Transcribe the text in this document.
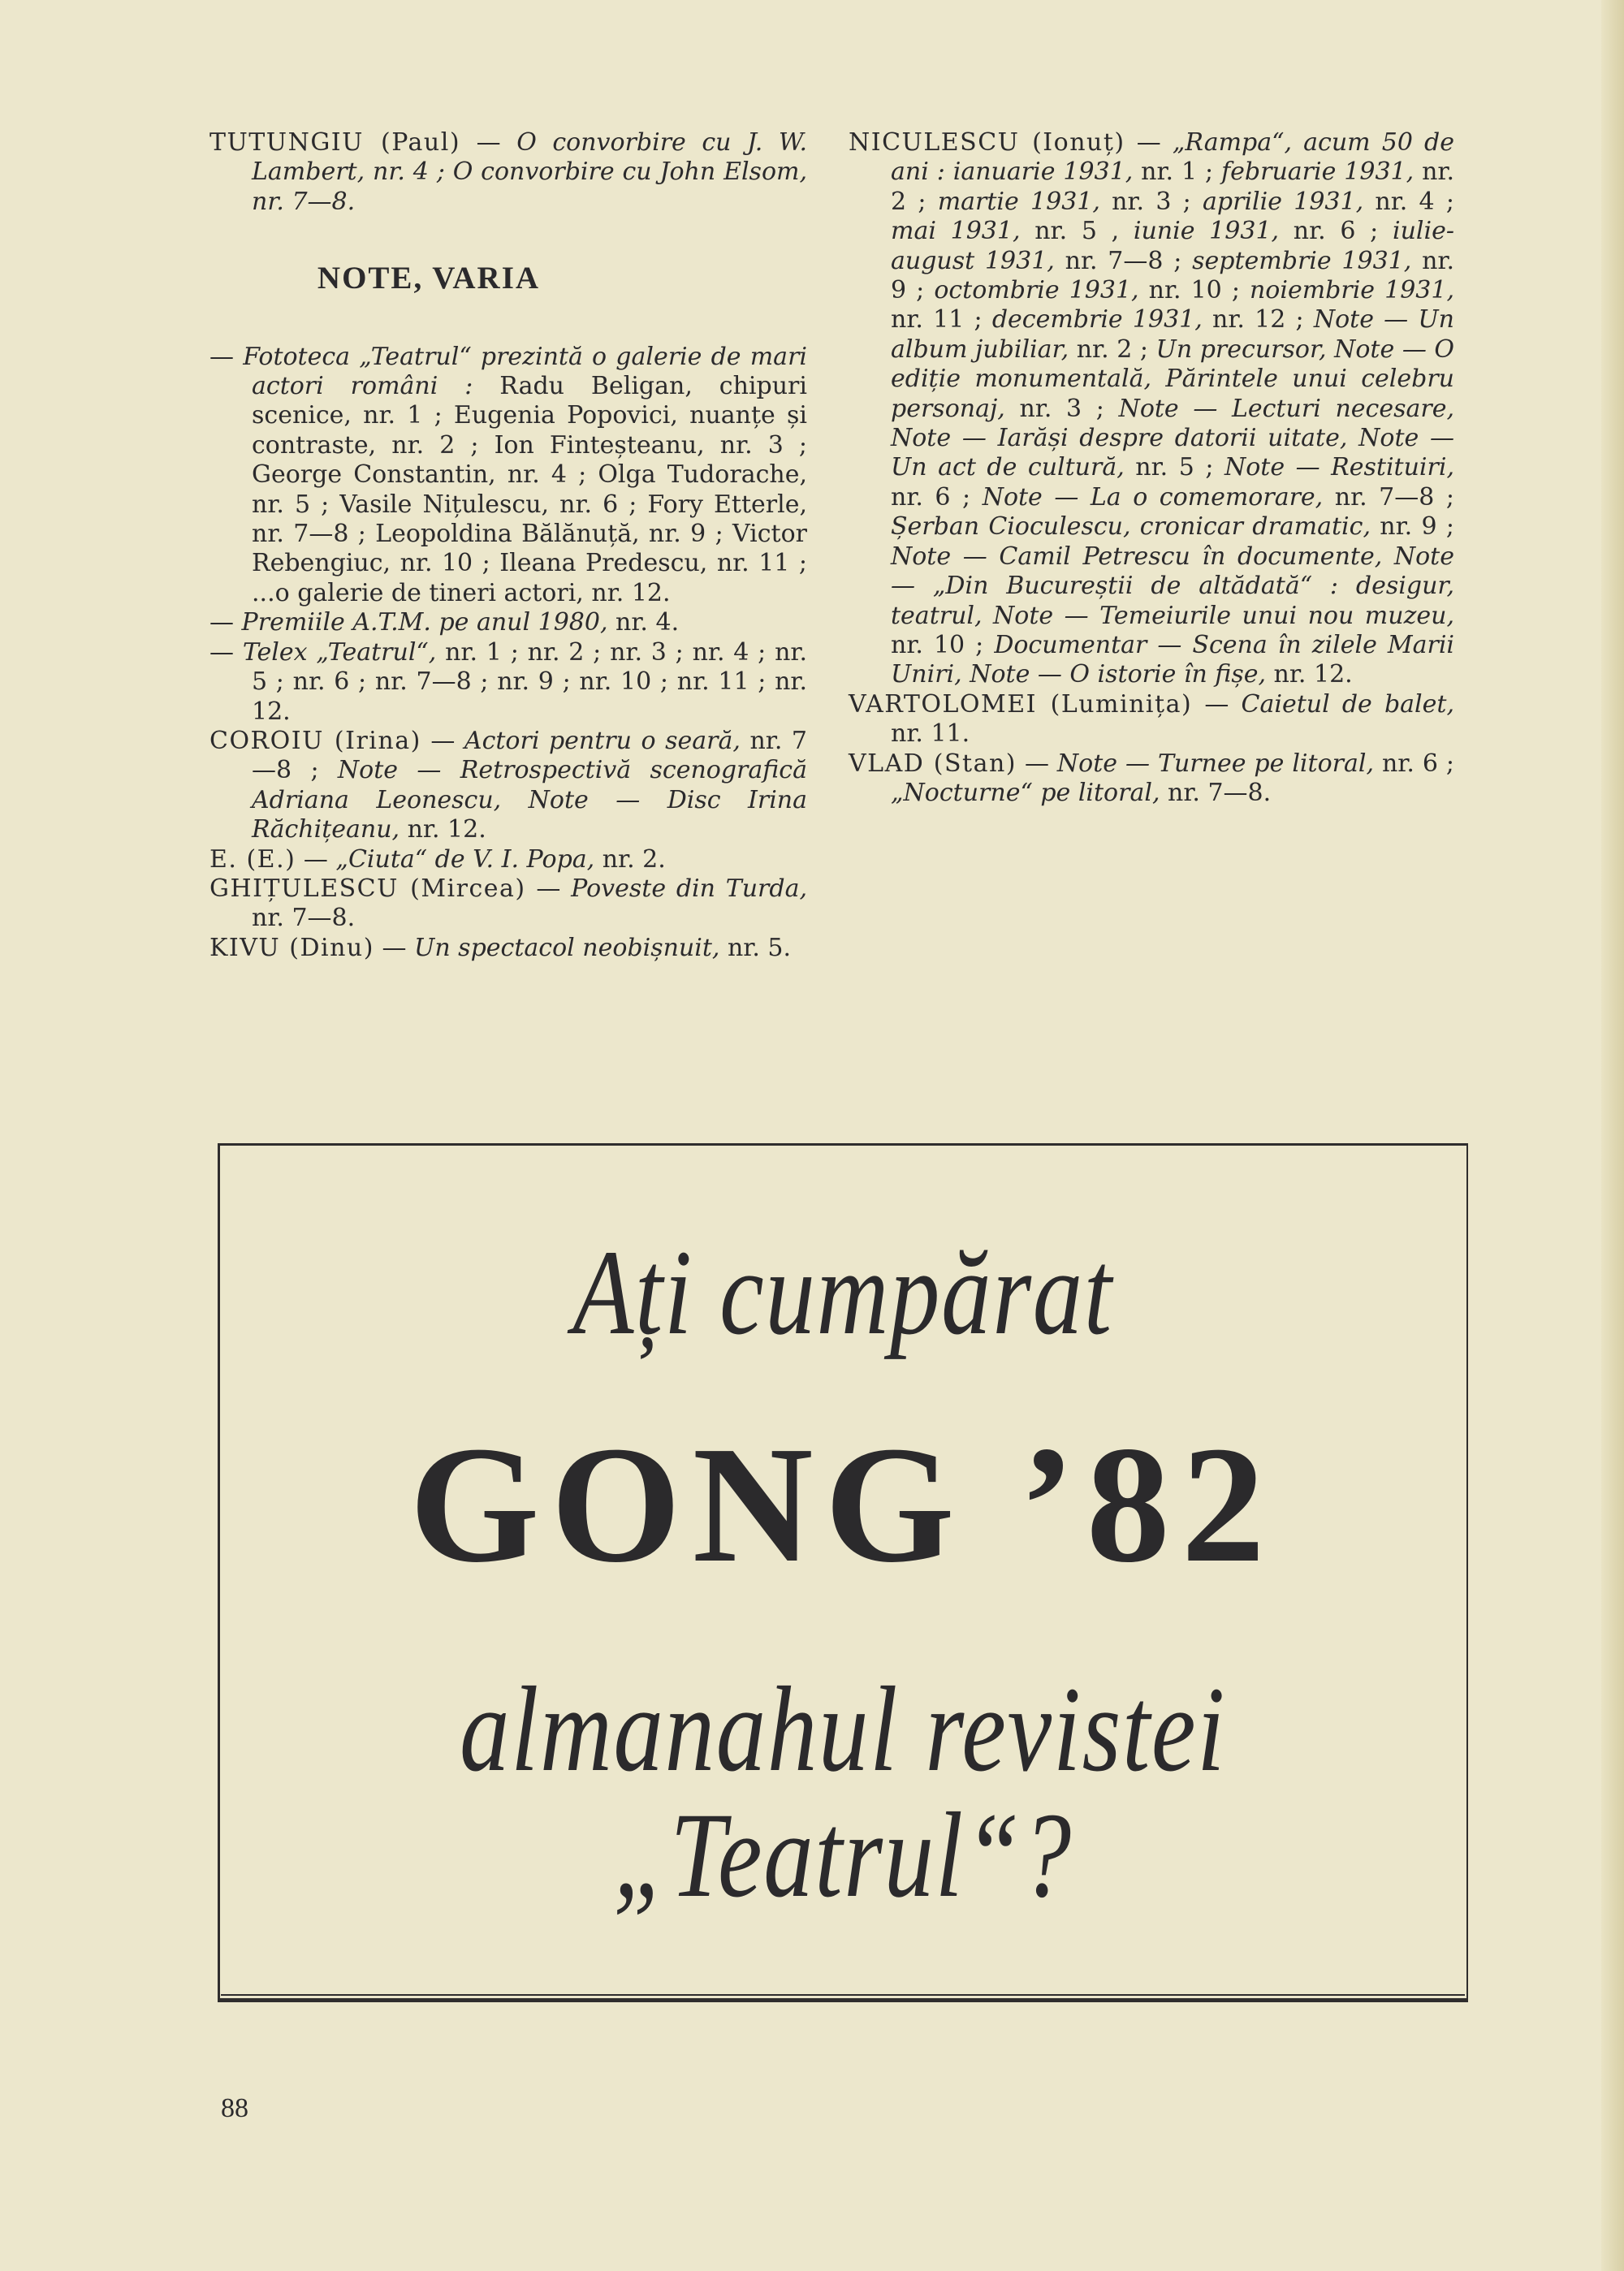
TUTUNGIU (Paul) — O convorbire cu J. W. Lambert, nr. 4 ; O convorbire cu John Elsom, nr. 7—8.

NOTE, VARIA

— Fototeca „Teatrul“ prezintă o galerie de mari actori români : Radu Beligan, chipuri scenice, nr. 1 ; Eugenia Popovici, nuanțe și contraste, nr. 2 ; Ion Finteșteanu, nr. 3 ; George Constantin, nr. 4 ; Olga Tudorache, nr. 5 ; Vasile Nițulescu, nr. 6 ; Fory Etterle, nr. 7—8 ; Leopoldina Bălănuță, nr. 9 ; Victor Rebengiuc, nr. 10 ; Ileana Predescu, nr. 11 ; ...o galerie de tineri actori, nr. 12.

— Premiile A.T.M. pe anul 1980, nr. 4.

— Telex „Teatrul“, nr. 1 ; nr. 2 ; nr. 3 ; nr. 4 ; nr. 5 ; nr. 6 ; nr. 7—8 ; nr. 9 ; nr. 10 ; nr. 11 ; nr. 12.

COROIU (Irina) — Actori pentru o seară, nr. 7—8 ; Note — Retrospectivă scenografică Adriana Leonescu, Note — Disc Irina Răchițeanu, nr. 12.

E. (E.) — „Ciuta“ de V. I. Popa, nr. 2.

GHIȚULESCU (Mircea) — Poveste din Turda, nr. 7—8.

KIVU (Dinu) — Un spectacol neobișnuit, nr. 5.

NICULESCU (Ionuț) — „Rampa“, acum 50 de ani : ianuarie 1931, nr. 1 ; februarie 1931, nr. 2 ; martie 1931, nr. 3 ; aprilie 1931, nr. 4 ; mai 1931, nr. 5 , iunie 1931, nr. 6 ; iulie-august 1931, nr. 7—8 ; septembrie 1931, nr. 9 ; octombrie 1931, nr. 10 ; noiembrie 1931, nr. 11 ; decembrie 1931, nr. 12 ; Note — Un album jubiliar, nr. 2 ; Un precursor, Note — O ediție monumentală, Părintele unui celebru personaj, nr. 3 ; Note — Lecturi necesare, Note — Iarăși despre datorii uitate, Note — Un act de cultură, nr. 5 ; Note — Restituiri, nr. 6 ; Note — La o comemorare, nr. 7—8 ; Șerban Cioculescu, cronicar dramatic, nr. 9 ; Note — Camil Petrescu în documente, Note — „Din Bucureștii de altădată“ : desigur, teatrul, Note — Temeiurile unui nou muzeu, nr. 10 ; Documentar — Scena în zilele Marii Uniri, Note — O istorie în fișe, nr. 12.

VARTOLOMEI (Luminița) — Caietul de balet, nr. 11.

VLAD (Stan) — Note — Turnee pe litoral, nr. 6 ; „Nocturne“ pe litoral, nr. 7—8.

Ați cumpărat

GONG ’82

almanahul revistei

„Teatrul“?

88
